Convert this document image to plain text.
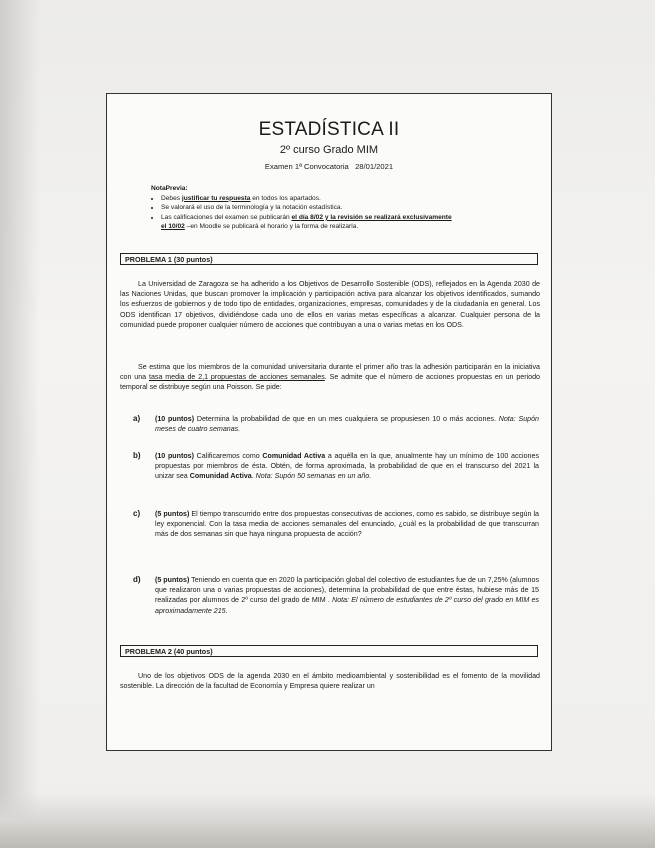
ESTADÍSTICA II
2º curso Grado MIM
Examen 1ª Convocatoria   28/01/2021
NotaPrevia:
• Debes justificar tu respuesta en todos los apartados.
• Se valorará el uso de la terminología y la notación estadística.
• Las calificaciones del examen se publicarán el día 8/02 y la revisión se realizará exclusivamente
el 10/02 –en Moodle se publicará el horario y la forma de realizarla.
PROBLEMA 1 (30 puntos)
La Universidad de Zaragoza se ha adherido a los Objetivos de Desarrollo Sostenible (ODS), reflejados en la Agenda 2030 de las Naciones Unidas, que buscan promover la implicación y participación activa para alcanzar los objetivos identificados, sumando los esfuerzos de gobiernos y de todo tipo de entidades, organizaciones, empresas, comunidades y de la ciudadanía en general. Los ODS identifican 17 objetivos, dividiéndose cada uno de ellos en varias metas específicas a alcanzar. Cualquier persona de la comunidad puede proponer cualquier número de acciones que contribuyan a una o varias metas en los ODS.
Se estima que los miembros de la comunidad universitaria durante el primer año tras la adhesión participarán en la iniciativa con una tasa media de 2,1 propuestas de acciones semanales. Se admite que el número de acciones propuestas en un periodo temporal se distribuye según una Poisson. Se pide:
a) (10 puntos) Determina la probabilidad de que en un mes cualquiera se propusiesen 10 o más acciones. Nota: Supón meses de cuatro semanas.
b) (10 puntos) Calificaremos como Comunidad Activa a aquélla en la que, anualmente hay un mínimo de 100 acciones propuestas por miembros de ésta. Obtén, de forma aproximada, la probabilidad de que en el transcurso del 2021 la unizar sea Comunidad Activa. Nota: Supón 50 semanas en un año.
c) (5 puntos) El tiempo transcurrido entre dos propuestas consecutivas de acciones, como es sabido, se distribuye según la ley exponencial. Con la tasa media de acciones semanales del enunciado, ¿cuál es la probabilidad de que transcurran más de dos semanas sin que haya ninguna propuesta de acción?
d) (5 puntos) Teniendo en cuenta que en 2020 la participación global del colectivo de estudiantes fue de un 7,25% (alumnos que realizaron una o varias propuestas de acciones), determina la probabilidad de que entre éstas, hubiese más de 15 realizadas por alumnos de 2º curso del grado de MIM . Nota: El número de estudiantes de 2º curso del grado en MIM es aproximadamente 215.
PROBLEMA 2 (40 puntos)
Uno de los objetivos ODS de la agenda 2030 en el ámbito medioambiental y sostenibilidad es el fomento de la movilidad sostenible. La dirección de la facultad de Economía y Empresa quiere realizar un
